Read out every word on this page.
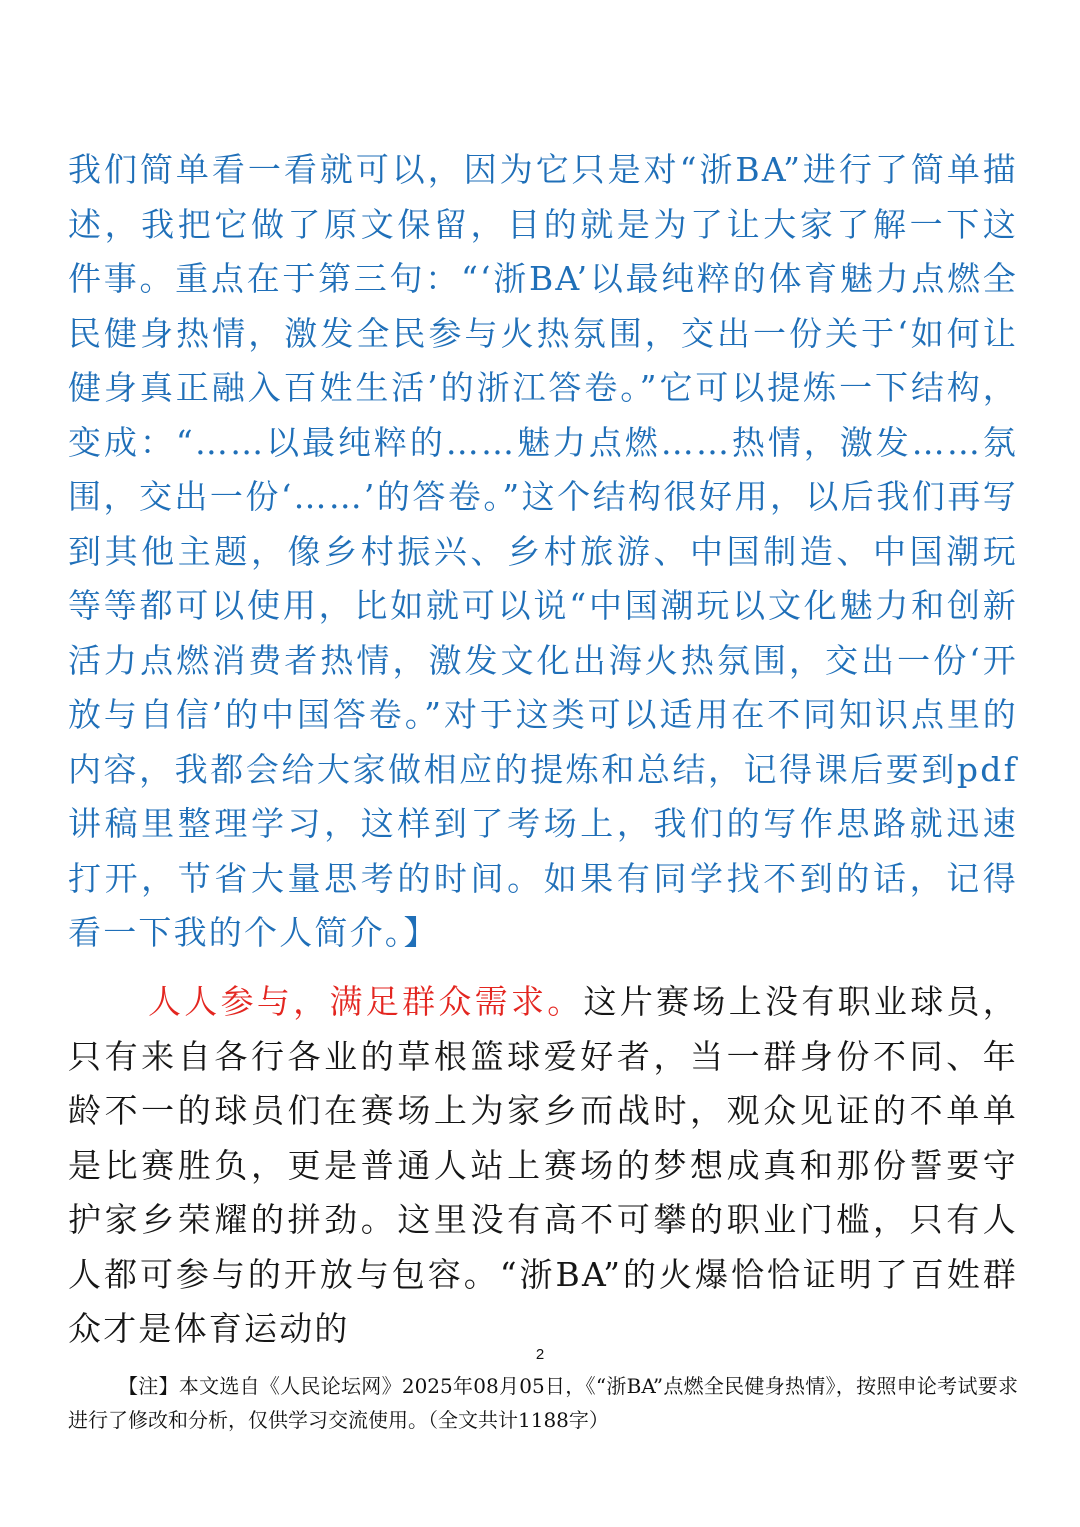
我们简单看一看就可以，因为它只是对“浙BA”进行了简单描述，我把它做了原文保留，目的就是为了让大家了解一下这件事。重点在于第三句：“‘浙BA’以最纯粹的体育魅力点燃全民健身热情，激发全民参与火热氛围，交出一份关于‘如何让健身真正融入百姓生活’的浙江答卷。”它可以提炼一下结构，变成：“……以最纯粹的……魅力点燃……热情，激发……氛围，交出一份‘……’的答卷。”这个结构很好用，以后我们再写到其他主题，像乡村振兴、乡村旅游、中国制造、中国潮玩等等都可以使用，比如就可以说“中国潮玩以文化魅力和创新活力点燃消费者热情，激发文化出海火热氛围，交出一份‘开放与自信’的中国答卷。”对于这类可以适用在不同知识点里的内容，我都会给大家做相应的提炼和总结，记得课后要到pdf讲稿里整理学习，这样到了考场上，我们的写作思路就迅速打开，节省大量思考的时间。如果有同学找不到的话，记得看一下我的个人简介。】
人人参与，满足群众需求。这片赛场上没有职业球员，只有来自各行各业的草根篮球爱好者，当一群身份不同、年龄不一的球员们在赛场上为家乡而战时，观众见证的不单单是比赛胜负，更是普通人站上赛场的梦想成真和那份誓要守护家乡荣耀的拼劲。这里没有高不可攀的职业门槛，只有人人都可参与的开放与包容。“浙BA”的火爆恰恰证明了百姓群众才是体育运动的
2
【注】本文选自《人民论坛网》2025年08月05日，《“浙BA”点燃全民健身热情》，按照申论考试要求进行了修改和分析，仅供学习交流使用。（全文共计1188字）
